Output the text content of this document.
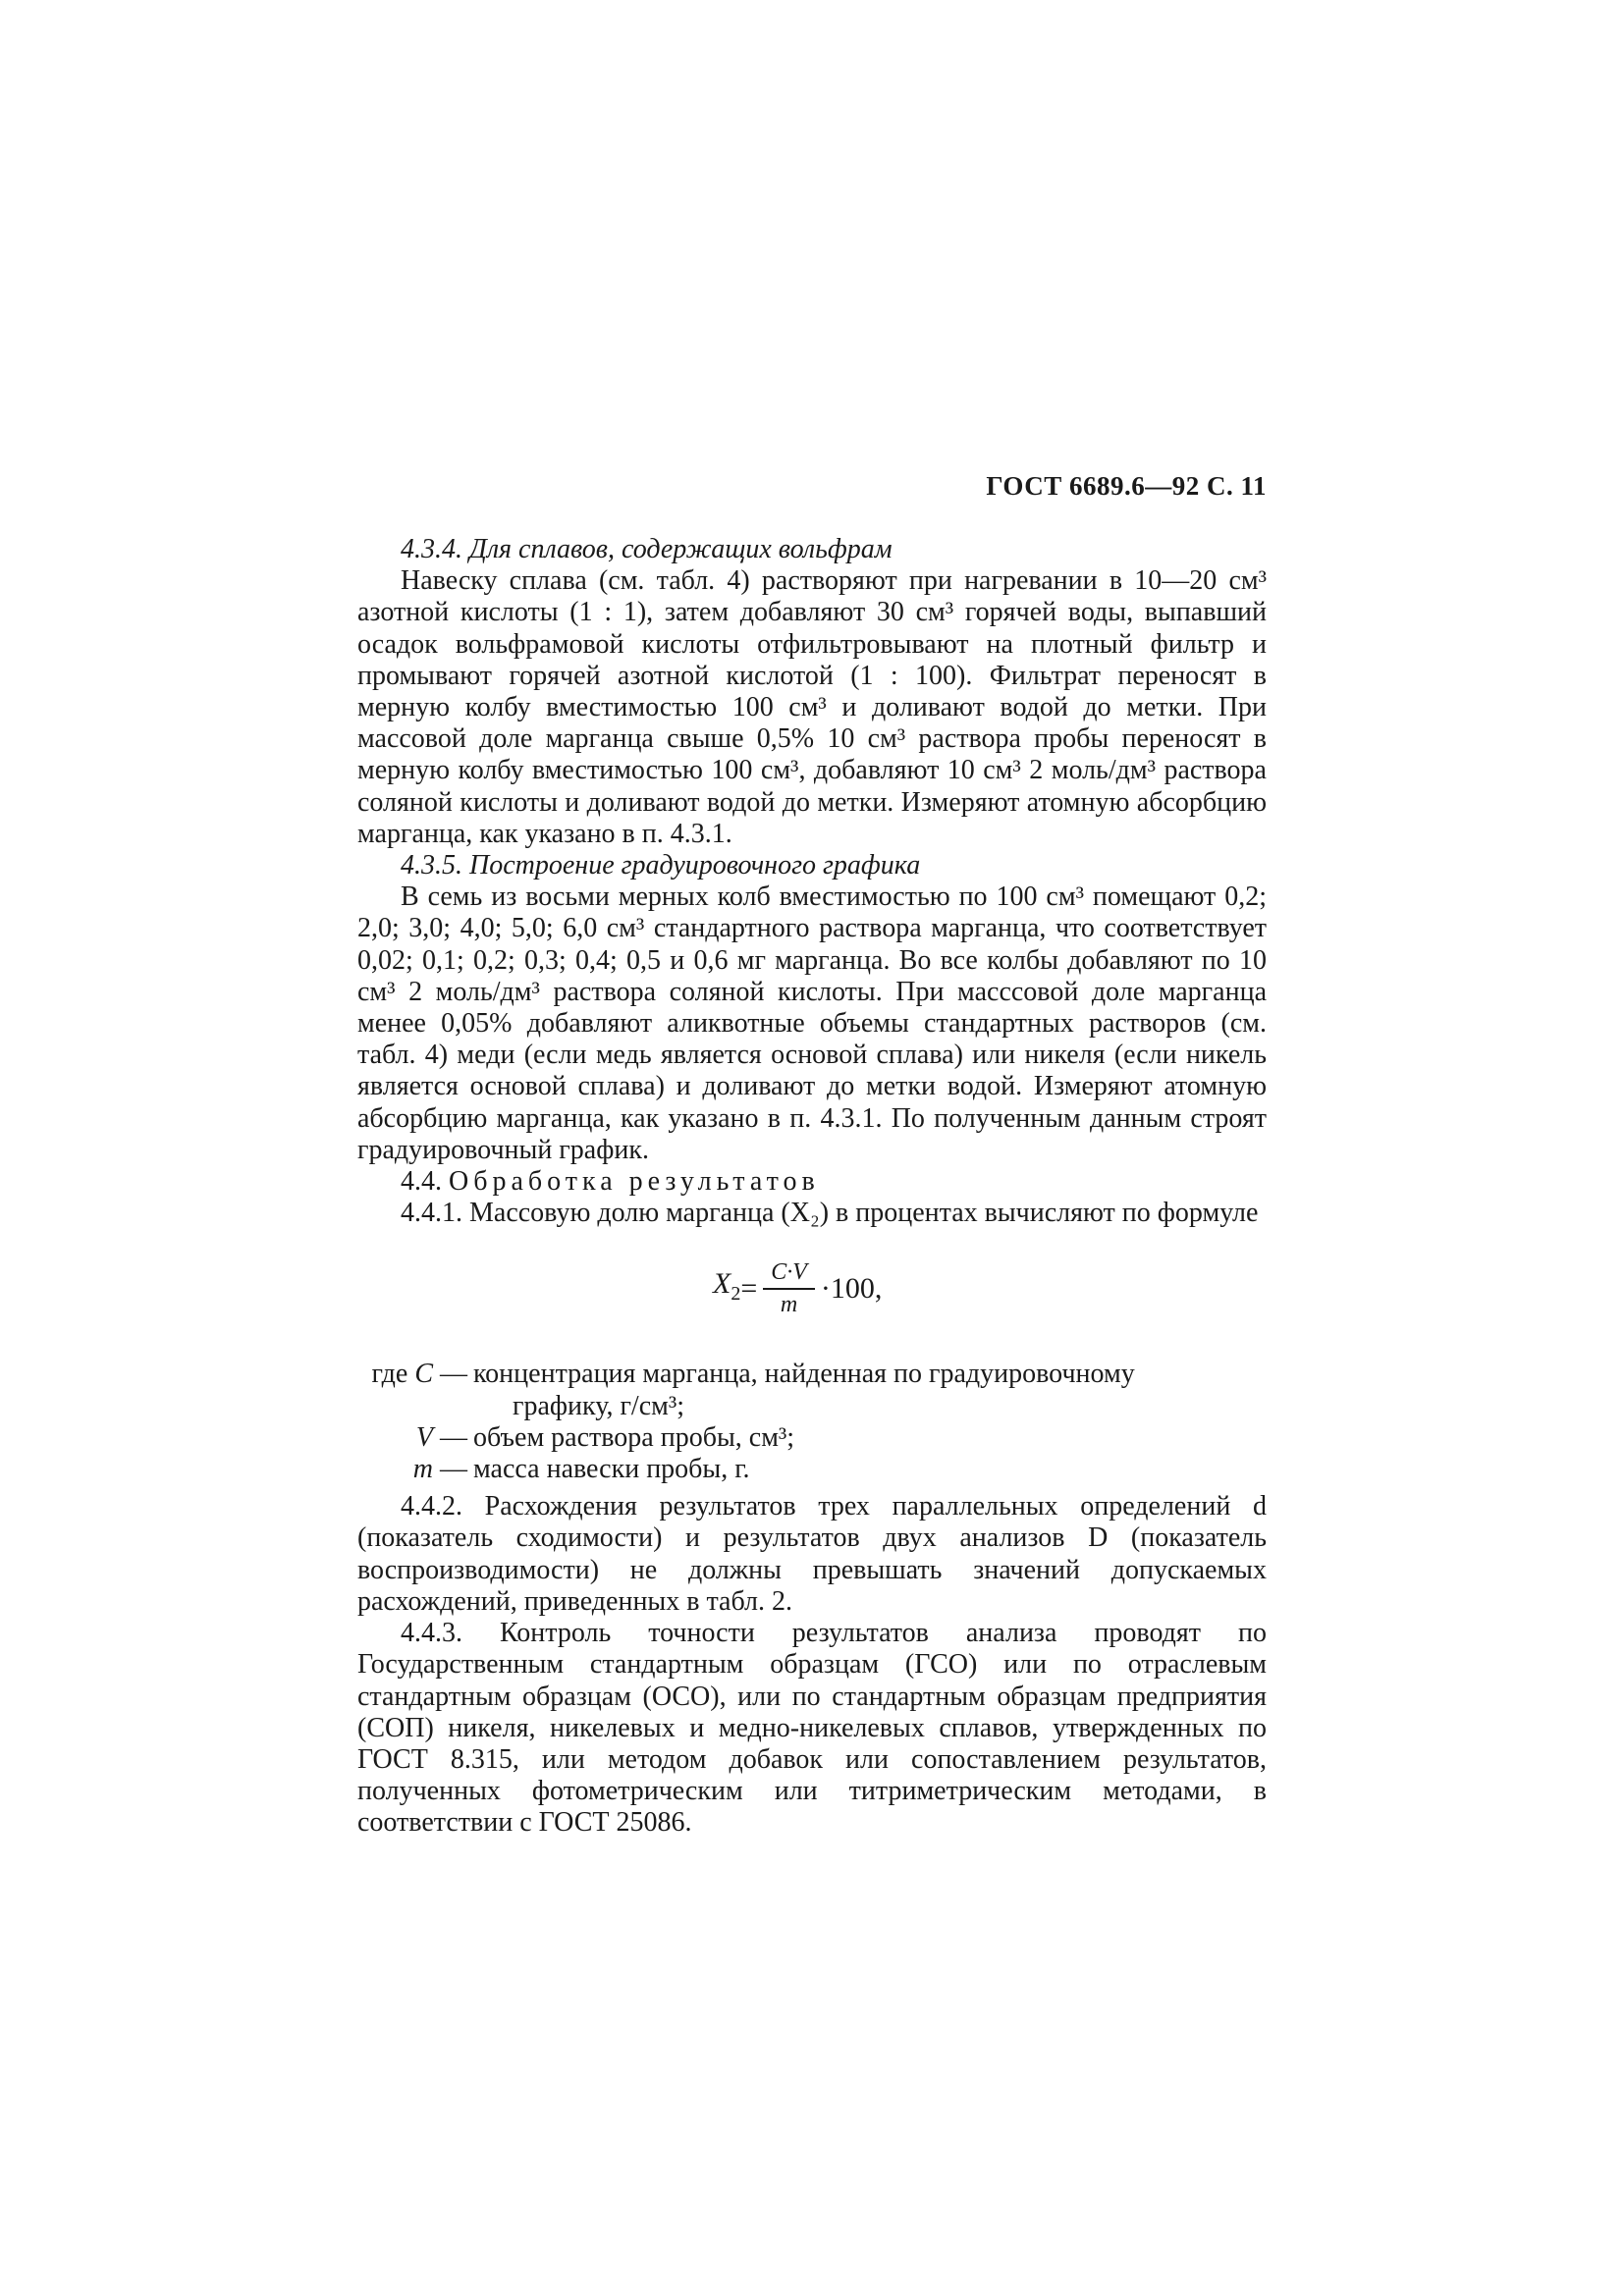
ГОСТ 6689.6—92 С. 11

4.3.4. Для сплавов, содержащих вольфрам

Навеску сплава (см. табл. 4) растворяют при нагревании в 10—20 см³ азотной кислоты (1 : 1), затем добавляют 30 см³ горячей воды, выпавший осадок вольфрамовой кислоты отфильтровывают на плотный фильтр и промывают горячей азотной кислотой (1 : 100). Фильтрат переносят в мерную колбу вместимостью 100 см³ и доливают водой до метки. При массовой доле марганца свыше 0,5% 10 см³ раствора пробы переносят в мерную колбу вместимостью 100 см³, добавляют 10 см³ 2 моль/дм³ раствора соляной кислоты и доливают водой до метки. Измеряют атомную абсорбцию марганца, как указано в п. 4.3.1.

4.3.5. Построение градуировочного графика

В семь из восьми мерных колб вместимостью по 100 см³ помещают 0,2; 2,0; 3,0; 4,0; 5,0; 6,0 см³ стандартного раствора марганца, что соответствует 0,02; 0,1; 0,2; 0,3; 0,4; 0,5 и 0,6 мг марганца. Во все колбы добавляют по 10 см³ 2 моль/дм³ раствора соляной кислоты. При масссовой доле марганца менее 0,05% добавляют аликвотные объемы стандартных растворов (см. табл. 4) меди (если медь является основой сплава) или никеля (если никель является основой сплава) и доливают до метки водой. Измеряют атомную абсорбцию марганца, как указано в п. 4.3.1. По полученным данным строят градуировочный график.

4.4. Обработка результатов

4.4.1. Массовую долю марганца (X₂) в процентах вычисляют по формуле

$X_2 = \frac{C\cdot V}{m} \cdot 100$,
где C — концентрация марганца, найденная по градуировочному
графику, г/см³;
V — объем раствора пробы, см³;
m — масса навески пробы, г.

4.4.2. Расхождения результатов трех параллельных определений d (показатель сходимости) и результатов двух анализов D (показатель воспроизводимости) не должны превышать значений допускаемых расхождений, приведенных в табл. 2.

4.4.3. Контроль точности результатов анализа проводят по Государственным стандартным образцам (ГСО) или по отраслевым стандартным образцам (ОСО), или по стандартным образцам предприятия (СОП) никеля, никелевых и медно-никелевых сплавов, утвержденных по ГОСТ 8.315, или методом добавок или сопоставлением результатов, полученных фотометрическим или титриметрическим методами, в соответствии с ГОСТ 25086.
